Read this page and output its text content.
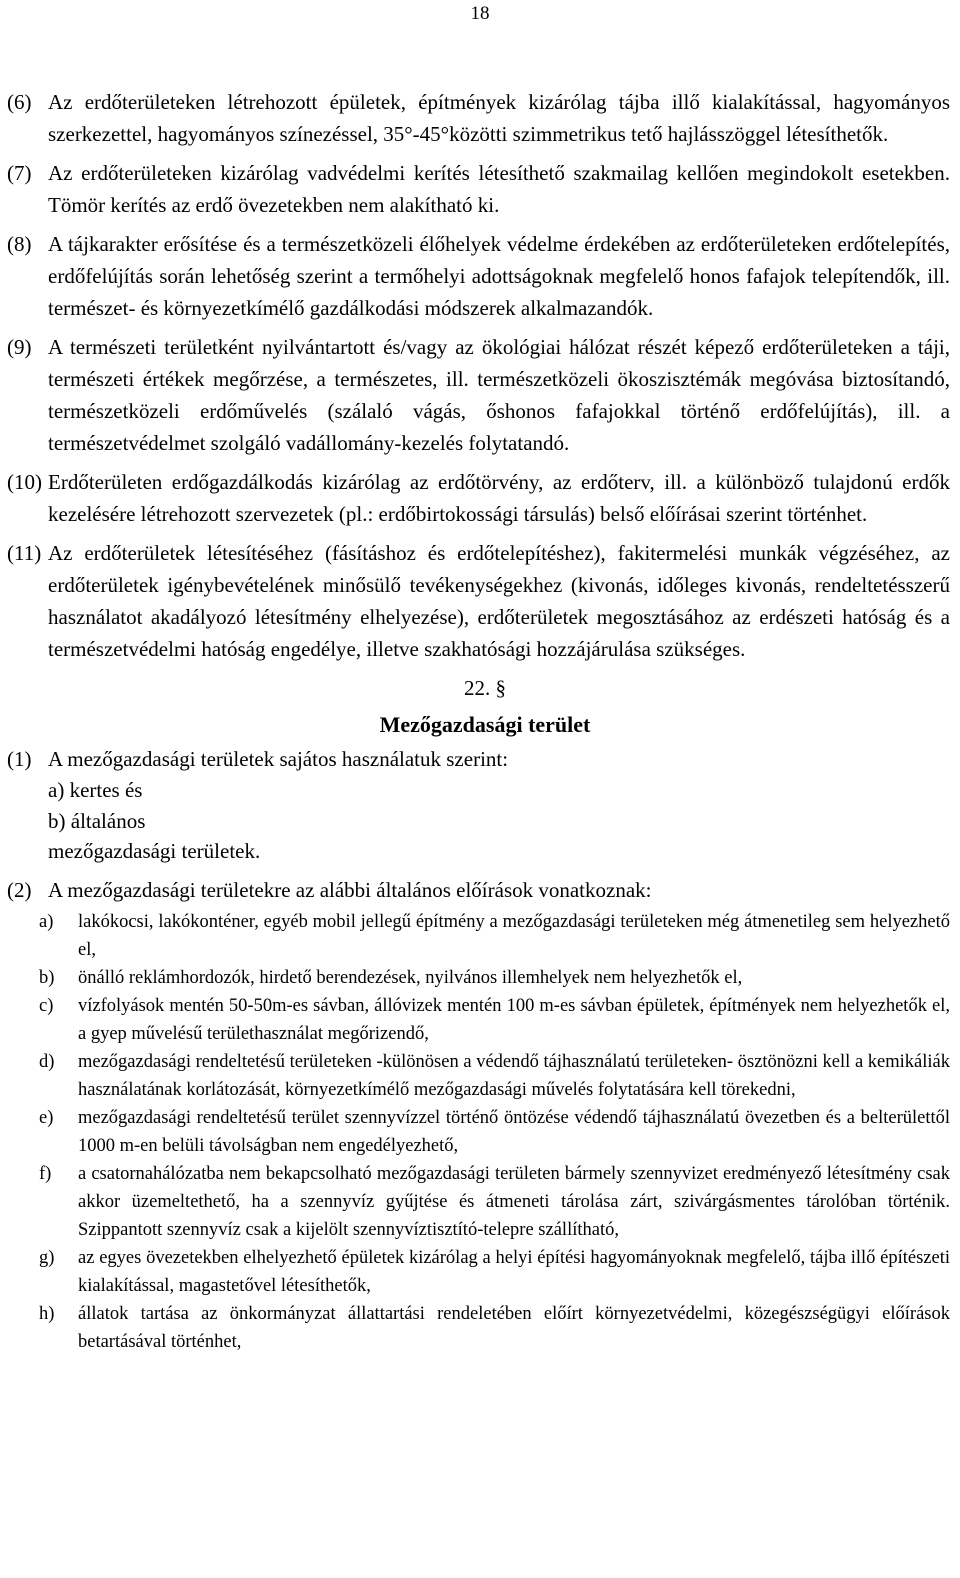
18
(6) Az erdőterületeken létrehozott épületek, építmények kizárólag tájba illő kialakítással, hagyományos szerkezettel, hagyományos színezéssel, 35°-45°közötti szimmetrikus tető hajlásszöggel létesíthetők.
(7) Az erdőterületeken kizárólag vadvédelmi kerítés létesíthető szakmailag kellően megindokolt esetekben. Tömör kerítés az erdő övezetekben nem alakítható ki.
(8) A tájkarakter erősítése és a természetközeli élőhelyek védelme érdekében az erdőterületeken erdőtelepítés, erdőfelújítás során lehetőség szerint a termőhelyi adottságoknak megfelelő honos fafajok telepítendők, ill. természet- és környezetkímélő gazdálkodási módszerek alkalmazandók.
(9) A természeti területként nyilvántartott és/vagy az ökológiai hálózat részét képező erdőterületeken a táji, természeti értékek megőrzése, a természetes, ill. természetközeli ökoszisztémák megóvása biztosítandó, természetközeli erdőművelés (szálaló vágás, őshonos fafajokkal történő erdőfelújítás), ill. a természetvédelmet szolgáló vadállomány-kezelés folytatandó.
(10) Erdőterületen erdőgazdálkodás kizárólag az erdőtörvény, az erdőterv, ill. a különböző tulajdonú erdők kezelésére létrehozott szervezetek (pl.: erdőbirtokossági társulás) belső előírásai szerint történhet.
(11) Az erdőterületek létesítéséhez (fásításhoz és erdőtelepítéshez), fakitermelési munkák végzéséhez, az erdőterületek igénybevételének minősülő tevékenységekhez (kivonás, időleges kivonás, rendeltetésszerű használatot akadályozó létesítmény elhelyezése), erdőterületek megosztásához az erdészeti hatóság és a természetvédelmi hatóság engedélye, illetve szakhatósági hozzájárulása szükséges.
22. §
Mezőgazdasági terület
(1) A mezőgazdasági területek sajátos használatuk szerint:
a) kertes és
b) általános
mezőgazdasági területek.
(2) A mezőgazdasági területekre az alábbi általános előírások vonatkoznak:
a) lakókocsi, lakókonténer, egyéb mobil jellegű építmény a mezőgazdasági területeken még átmenetileg sem helyezhető el,
b) önálló reklámhordozók, hirdető berendezések, nyilvános illemhelyek nem helyezhetők el,
c) vízfolyások mentén 50-50m-es sávban, állóvizek mentén 100 m-es sávban épületek, építmények nem helyezhetők el, a gyep művelésű területhasználat megőrizendő,
d) mezőgazdasági rendeltetésű területeken -különösen a védendő tájhasználatú területeken- ösztönözni kell a kemikáliák használatának korlátozását, környezetkímélő mezőgazdasági művelés folytatására kell törekedni,
e) mezőgazdasági rendeltetésű terület szennyvízzel történő öntözése védendő tájhasználatú övezetben és a belterülettől 1000 m-en belüli távolságban nem engedélyezhető,
f) a csatornahálózatba nem bekapcsolható mezőgazdasági területen bármely szennyvizet eredményező létesítmény csak akkor üzemeltethető, ha a szennyvíz gyűjtése és átmeneti tárolása zárt, szivárgásmentes tárolóban történik. Szippantott szennyvíz csak a kijelölt szennyvíztisztító-telepre szállítható,
g) az egyes övezetekben elhelyezhető épületek kizárólag a helyi építési hagyományoknak megfelelő, tájba illő építészeti kialakítással, magastetővel létesíthetők,
h) állatok tartása az önkormányzat állattartási rendeletében előírt környezetvédelmi, közegészségügyi előírások betartásával történhet,
